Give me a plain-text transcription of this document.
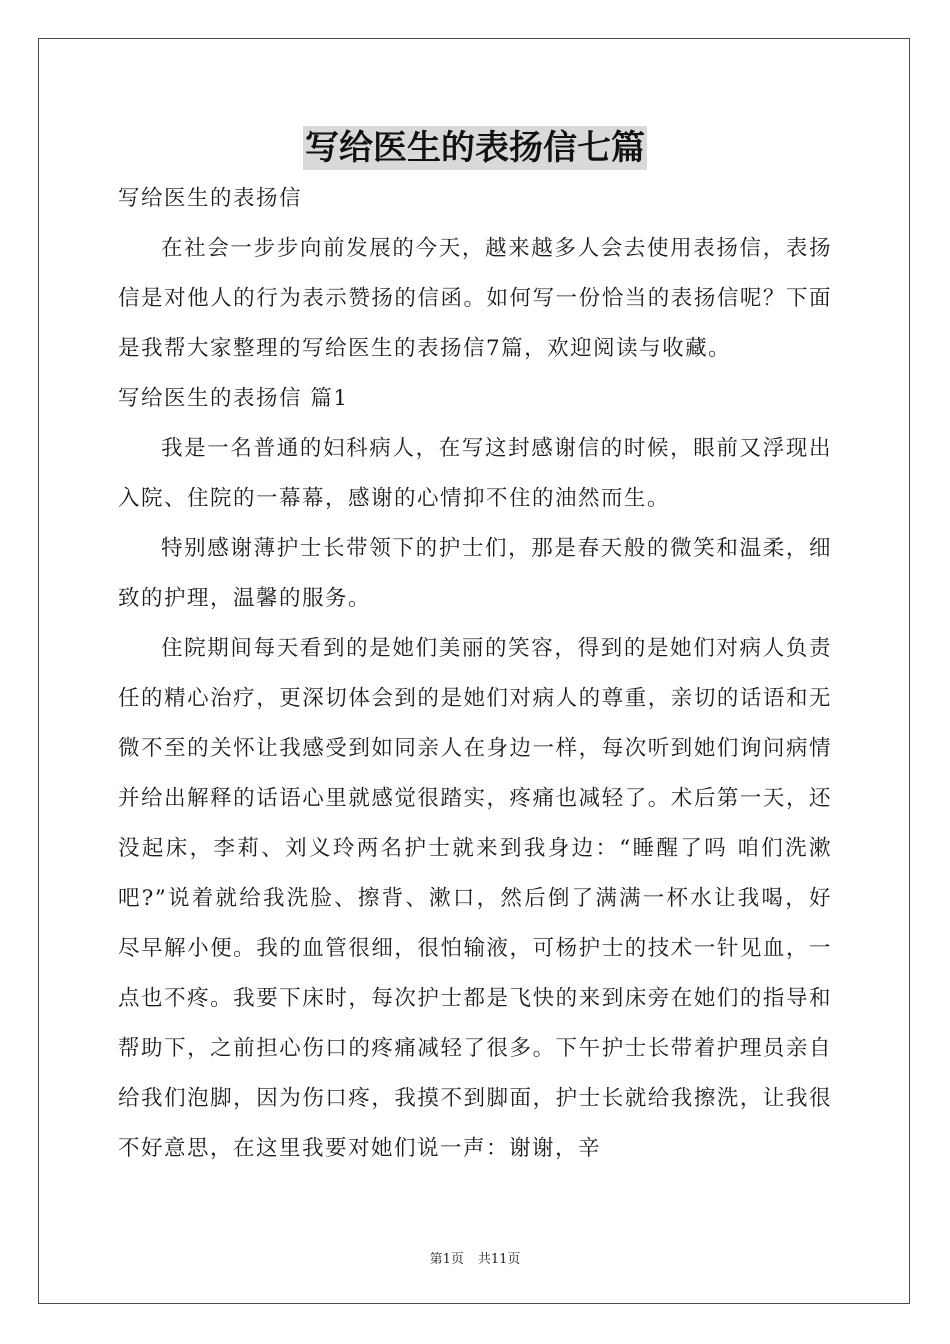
写给医生的表扬信七篇

写给医生的表扬信

在社会一步步向前发展的今天，越来越多人会去使用表扬信，表扬信是对他人的行为表示赞扬的信函。如何写一份恰当的表扬信呢？下面是我帮大家整理的写给医生的表扬信7篇，欢迎阅读与收藏。

写给医生的表扬信 篇1

我是一名普通的妇科病人，在写这封感谢信的时候，眼前又浮现出入院、住院的一幕幕，感谢的心情抑不住的油然而生。

特别感谢薄护士长带领下的护士们，那是春天般的微笑和温柔，细致的护理，温馨的服务。

住院期间每天看到的是她们美丽的笑容，得到的是她们对病人负责任的精心治疗，更深切体会到的是她们对病人的尊重，亲切的话语和无微不至的关怀让我感受到如同亲人在身边一样，每次听到她们询问病情并给出解释的话语心里就感觉很踏实，疼痛也减轻了。术后第一天，还没起床，李莉、刘义玲两名护士就来到我身边：“睡醒了吗 咱们洗漱吧?”说着就给我洗脸、擦背、漱口，然后倒了满满一杯水让我喝，好尽早解小便。我的血管很细，很怕输液，可杨护士的技术一针见血，一点也不疼。我要下床时，每次护士都是飞快的来到床旁在她们的指导和帮助下，之前担心伤口的疼痛减轻了很多。下午护士长带着护理员亲自给我们泡脚，因为伤口疼，我摸不到脚面，护士长就给我擦洗，让我很不好意思，在这里我要对她们说一声：谢谢，辛

第1页 共11页
